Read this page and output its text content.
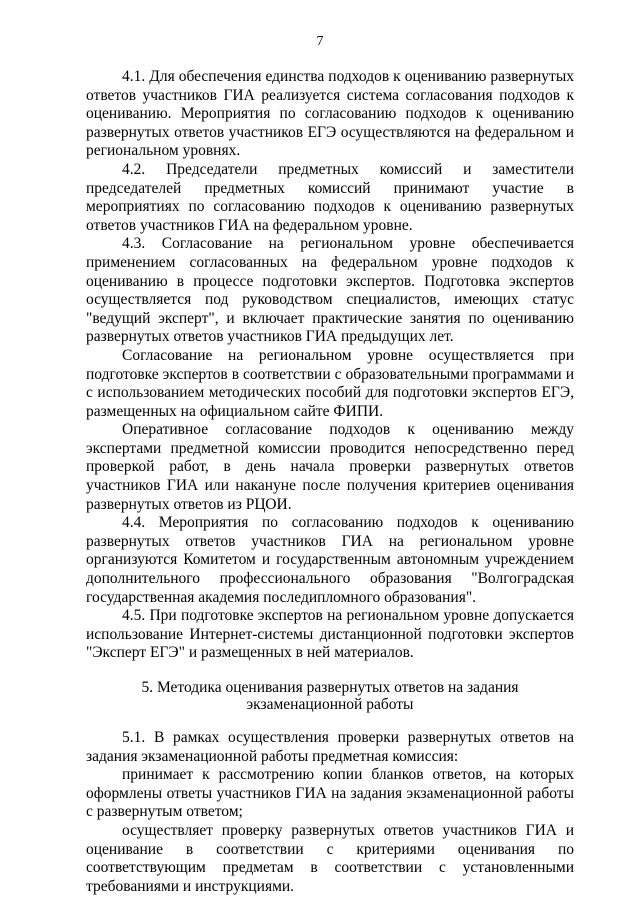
7

4.1. Для обеспечения единства подходов к оцениванию развернутых ответов участников ГИА реализуется система согласования подходов к оцениванию. Мероприятия по согласованию подходов к оцениванию развернутых ответов участников ЕГЭ осуществляются на федеральном и региональном уровнях.

4.2. Председатели предметных комиссий и заместители председателей предметных комиссий принимают участие в мероприятиях по согласованию подходов к оцениванию развернутых ответов участников ГИА на федеральном уровне.

4.3. Согласование на региональном уровне обеспечивается применением согласованных на федеральном уровне подходов к оцениванию в процессе подготовки экспертов. Подготовка экспертов осуществляется под руководством специалистов, имеющих статус "ведущий эксперт", и включает практические занятия по оцениванию развернутых ответов участников ГИА предыдущих лет.

Согласование на региональном уровне осуществляется при подготовке экспертов в соответствии с образовательными программами и с использованием методических пособий для подготовки экспертов ЕГЭ, размещенных на официальном сайте ФИПИ.

Оперативное согласование подходов к оцениванию между экспертами предметной комиссии проводится непосредственно перед проверкой работ, в день начала проверки развернутых ответов участников ГИА или накануне после получения критериев оценивания развернутых ответов из РЦОИ.

4.4. Мероприятия по согласованию подходов к оцениванию развернутых ответов участников ГИА на региональном уровне организуются Комитетом и государственным автономным учреждением дополнительного профессионального образования "Волгоградская государственная академия последипломного образования".

4.5. При подготовке экспертов на региональном уровне допускается использование Интернет-системы дистанционной подготовки экспертов "Эксперт ЕГЭ" и размещенных в ней материалов.

5. Методика оценивания развернутых ответов на задания
экзаменационной работы

5.1. В рамках осуществления проверки развернутых ответов на задания экзаменационной работы предметная комиссия:

принимает к рассмотрению копии бланков ответов, на которых оформлены ответы участников ГИА на задания экзаменационной работы с развернутым ответом;

осуществляет проверку развернутых ответов участников ГИА и оценивание в соответствии с критериями оценивания по соответствующим предметам в соответствии с установленными требованиями и инструкциями.
